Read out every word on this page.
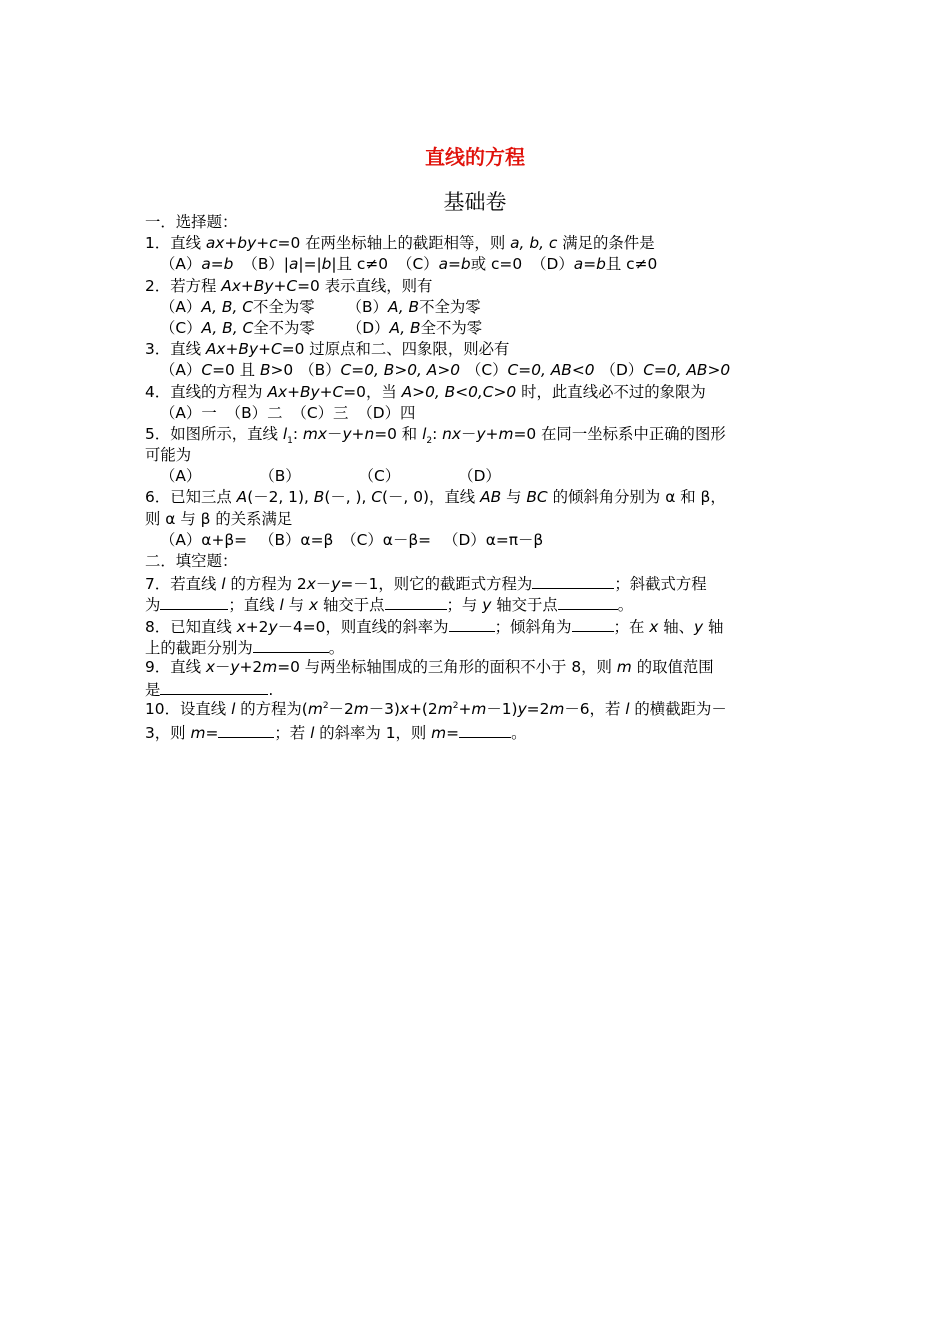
直线的方程
基础卷
一．选择题：
1．直线 ax+by+c=0 在两坐标轴上的截距相等，则 a, b, c 满足的条件是
（A）a=b （B）|a|=|b|且 c≠0 （C）a=b或 c=0 （D）a=b且 c≠0
2．若方程 Ax+By+C=0 表示直线，则有
（A）A, B, C不全为零 （B）A, B不全为零
（C）A, B, C全不为零 （D）A, B全不为零
3．直线 Ax+By+C=0 过原点和二、四象限，则必有
（A）C=0 且 B>0 （B）C=0, B>0, A>0 （C）C=0, AB<0 （D）C=0, AB>0
4．直线的方程为 Ax+By+C=0，当 A>0, B<0,C>0 时，此直线必不过的象限为
（A）一 （B）二 （C）三 （D）四
5．如图所示，直线 $l_1$: mx－y+n=0 和 $l_2$: nx－y+m=0 在同一坐标系中正确的图形
可能为
（A）	（B）	（C）	（D）
6．已知三点 A(－2, 1), B(－, ), C(－, 0)，直线 AB 与 BC 的倾斜角分别为 α 和 β，
则 α 与 β 的关系满足
（A）α+β= （B）α=β （C）α－β= （D）α=π－β
二．填空题：
7．若直线 l 的方程为 2x－y=－1，则它的截距式方程为	；斜截式方程
为	；直线 l 与 x 轴交于点	；与 y 轴交于点	。
8．已知直线 x+2y－4=0，则直线的斜率为	；倾斜角为	；在 x 轴、y 轴
上的截距分别为	。
9．直线 x－y+2m=0 与两坐标轴围成的三角形的面积不小于 8，则 m 的取值范围
是	.
10．设直线 l 的方程为$(m^2-2m-3)x+(2m^2+m-1)y=2m-6$，若 l 的横截距为－
3，则 m=	；若 l 的斜率为 1，则 m=	。
